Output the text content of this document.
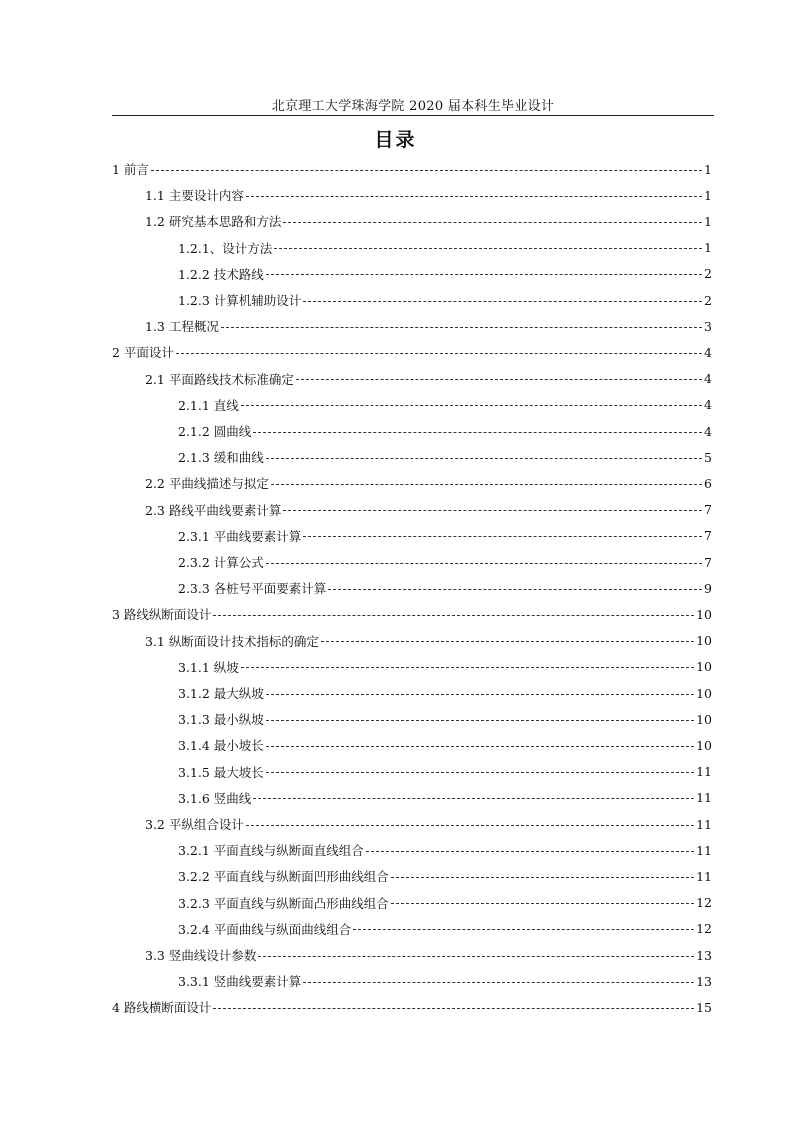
北京理工大学珠海学院 2020 届本科生毕业设计
目录
1 前言	1
1.1 主要设计内容	1
1.2 研究基本思路和方法	1
1.2.1、设计方法	1
1.2.2 技术路线	2
1.2.3 计算机辅助设计	2
1.3 工程概况	3
2 平面设计	4
2.1 平面路线技术标准确定	4
2.1.1 直线	4
2.1.2 圆曲线	4
2.1.3 缓和曲线	5
2.2 平曲线描述与拟定	6
2.3 路线平曲线要素计算	7
2.3.1 平曲线要素计算	7
2.3.2 计算公式	7
2.3.3 各桩号平面要素计算	9
3 路线纵断面设计	10
3.1 纵断面设计技术指标的确定	10
3.1.1 纵坡	10
3.1.2 最大纵坡	10
3.1.3 最小纵坡	10
3.1.4 最小坡长	10
3.1.5 最大坡长	11
3.1.6 竖曲线	11
3.2 平纵组合设计	11
3.2.1 平面直线与纵断面直线组合	11
3.2.2 平面直线与纵断面凹形曲线组合	11
3.2.3 平面直线与纵断面凸形曲线组合	12
3.2.4 平面曲线与纵面曲线组合	12
3.3 竖曲线设计参数	13
3.3.1 竖曲线要素计算	13
4 路线横断面设计	15
